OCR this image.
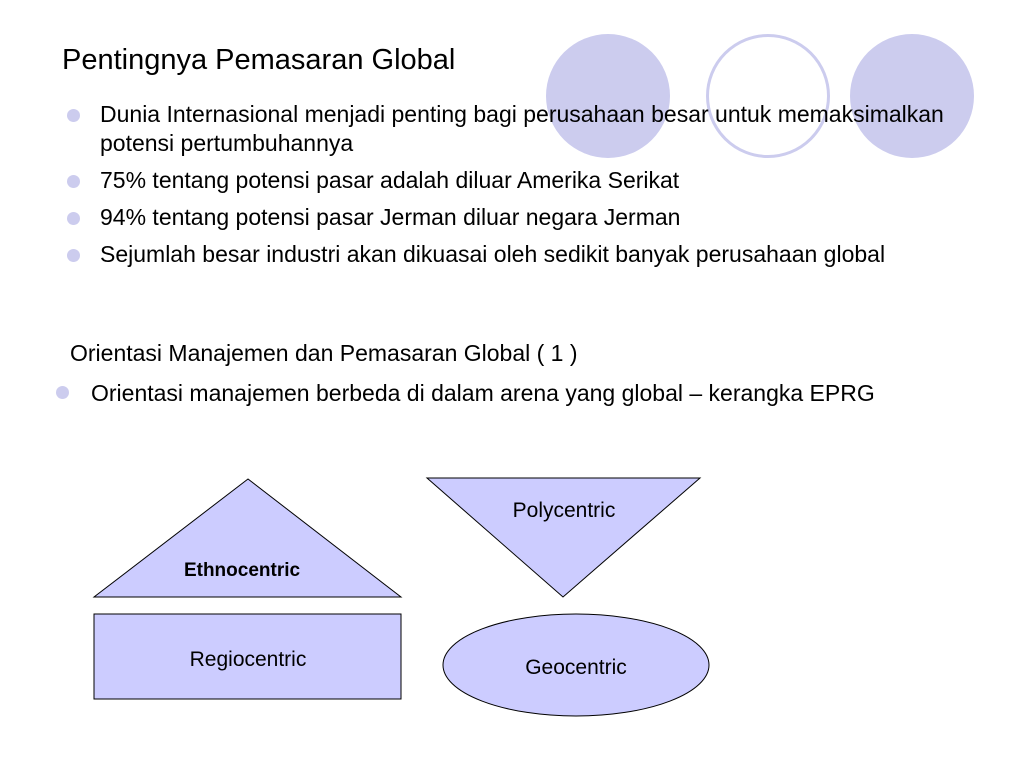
Pentingnya Pemasaran Global
Dunia Internasional menjadi penting bagi perusahaan besar untuk memaksimalkan potensi pertumbuhannya
75% tentang potensi pasar adalah diluar Amerika Serikat
94% tentang potensi pasar Jerman diluar negara Jerman
Sejumlah besar industri akan dikuasai oleh sedikit banyak perusahaan global
Orientasi Manajemen dan Pemasaran Global ( 1 )
Orientasi manajemen berbeda di dalam arena yang global – kerangka EPRG
Ethnocentric
Polycentric
Regiocentric	Geocentric
